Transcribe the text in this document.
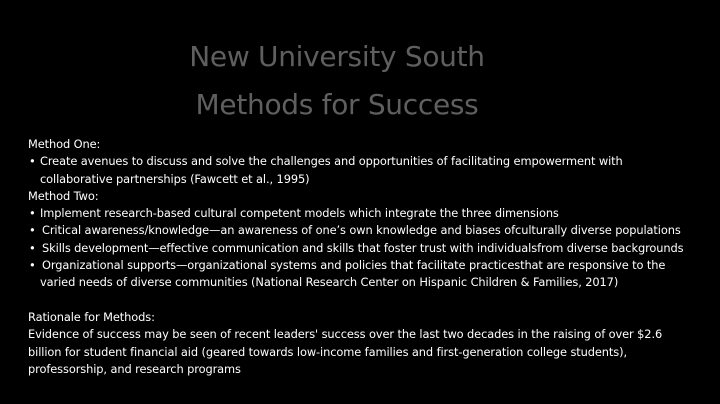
New University South
Methods for Success

Method One:

• Create avenues to discuss and solve the challenges and opportunities of facilitating empowerment with collaborative partnerships (Fawcett et al., 1995)

Method Two:

• Implement research-based cultural competent models which integrate the three dimensions
• Critical awareness/knowledge—an awareness of one’s own knowledge and biases ofculturally diverse populations
• Skills development—effective communication and skills that foster trust with individualsfrom diverse backgrounds
• Organizational supports—organizational systems and policies that facilitate practicesthat are responsive to the varied needs of diverse communities (National Research Center on Hispanic Children & Families, 2017)

Rationale for Methods:

Evidence of success may be seen of recent leaders' success over the last two decades in the raising of over $2.6 billion for student financial aid (geared towards low-income families and first-generation college students), professorship, and research programs
